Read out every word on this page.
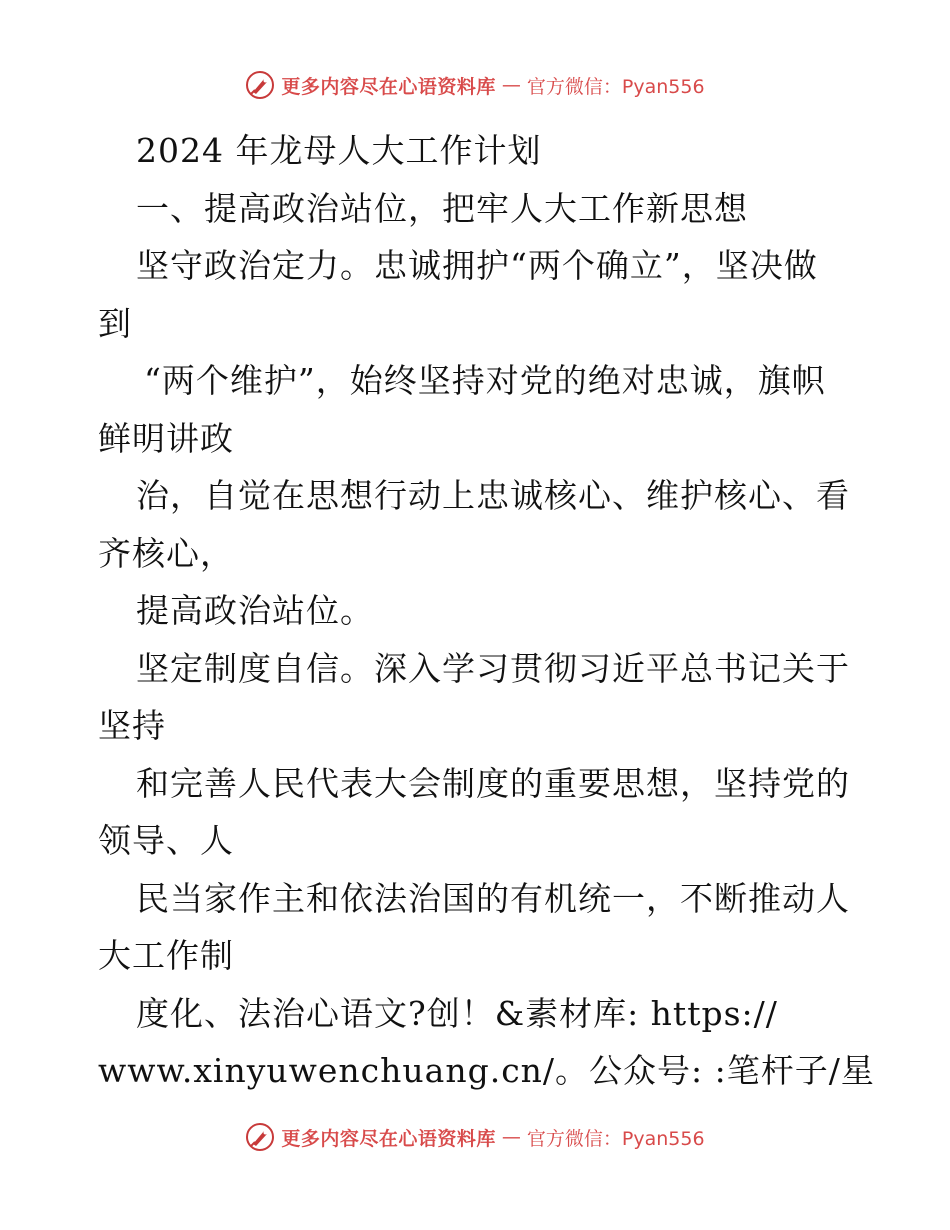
更多内容尽在心语资料库 — 官方微信：Pyan556
2024 年龙母人大工作计划
一、提高政治站位，把牢人大工作新思想
坚守政治定力。忠诚拥护“两个确立”，坚决做
到
“两个维护”，始终坚持对党的绝对忠诚，旗帜
鲜明讲政
治，自觉在思想行动上忠诚核心、维护核心、看
齐核心，
提高政治站位。
坚定制度自信。深入学习贯彻习近平总书记关于
坚持
和完善人民代表大会制度的重要思想，坚持党的
领导、人
民当家作主和依法治国的有机统一，不断推动人
大工作制
度化、法治心语文?创！&素材库: https://
www.xinyuwenchuang.cn/。公众号: :笔杆子/星
更多内容尽在心语资料库 — 官方微信：Pyan556
